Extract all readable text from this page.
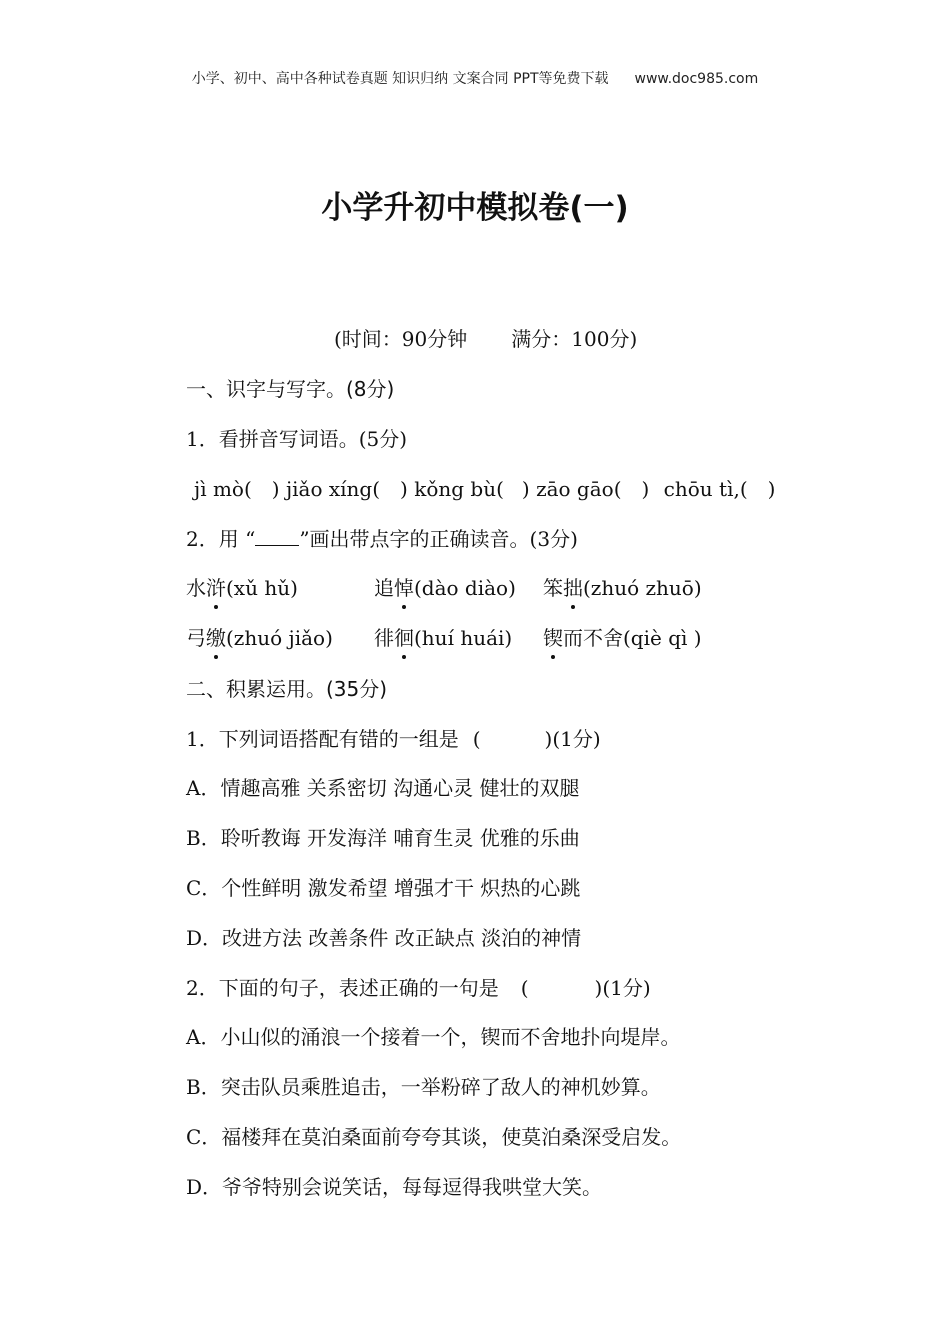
小学、初中、高中各种试卷真题 知识归纳 文案合同 PPT等免费下载 www.doc985.com
小学升初中模拟卷(一)
(时间：90分钟 满分：100分)
一、识字与写字。(8分)
1．看拼音写词语。(5分)
jì mò( ) jiǎo xíng( ) kǒng bù( ) zāo gāo( ) chōu tì,( )
2．用 “ ”画出带点字的正确读音。(3分)
水浒(xǔ hǔ)	追悼(dào diào) 笨拙(zhuó zhuō)
弓缴(zhuó jiǎo) 徘徊(huí huái) 锲而不舍(qiè qì )
二、积累运用。(35分)
1．下列词语搭配有错的一组是 (	)(1分)
A．情趣高雅 关系密切 沟通心灵 健壮的双腿
B．聆听教诲 开发海洋 哺育生灵 优雅的乐曲
C．个性鲜明 激发希望 增强才干 炽热的心跳
D．改进方法 改善条件 改正缺点 淡泊的神情
2．下面的句子，表述正确的一句是 (	)(1分)
A．小山似的涌浪一个接着一个，锲而不舍地扑向堤岸。
B．突击队员乘胜追击，一举粉碎了敌人的神机妙算。
C．福楼拜在莫泊桑面前夸夸其谈，使莫泊桑深受启发。
D．爷爷特别会说笑话，每每逗得我哄堂大笑。
